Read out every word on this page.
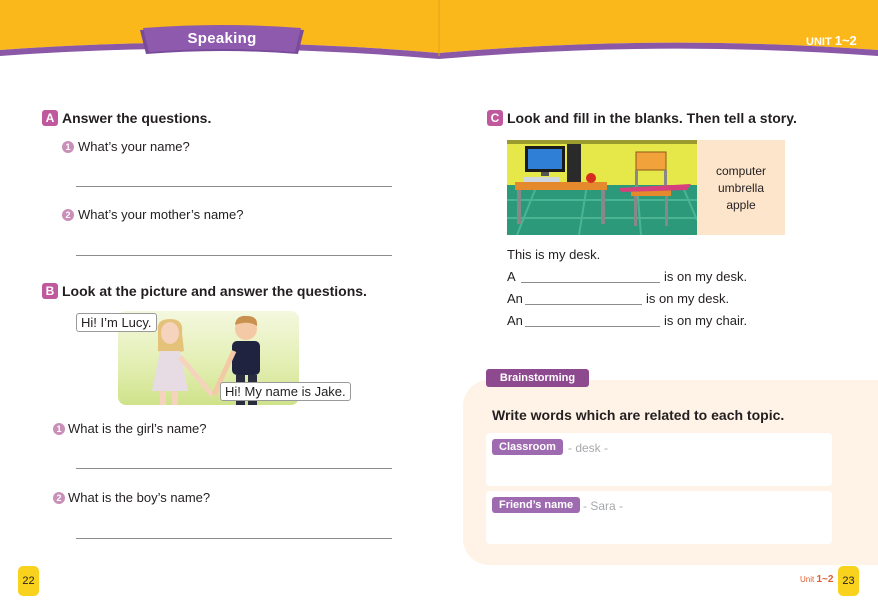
Speaking	UNIT 1~2
A Answer the questions.
1 What’s your name?
2 What’s your mother’s name?
B Look at the picture and answer the questions.
Hi! I’m Lucy.
Hi! My name is Jake.
1 What is the girl’s name?
2 What is the boy’s name?
C Look and fill in the blanks. Then tell a story.
computer
umbrella
apple
This is my desk.
A	is on my desk.
An	is on my desk.
An	is on my chair.
Brainstorming
Write words which are related to each topic.
Classroom	- desk -
Friend’s name - Sara -
22	Unit 1~2 23
